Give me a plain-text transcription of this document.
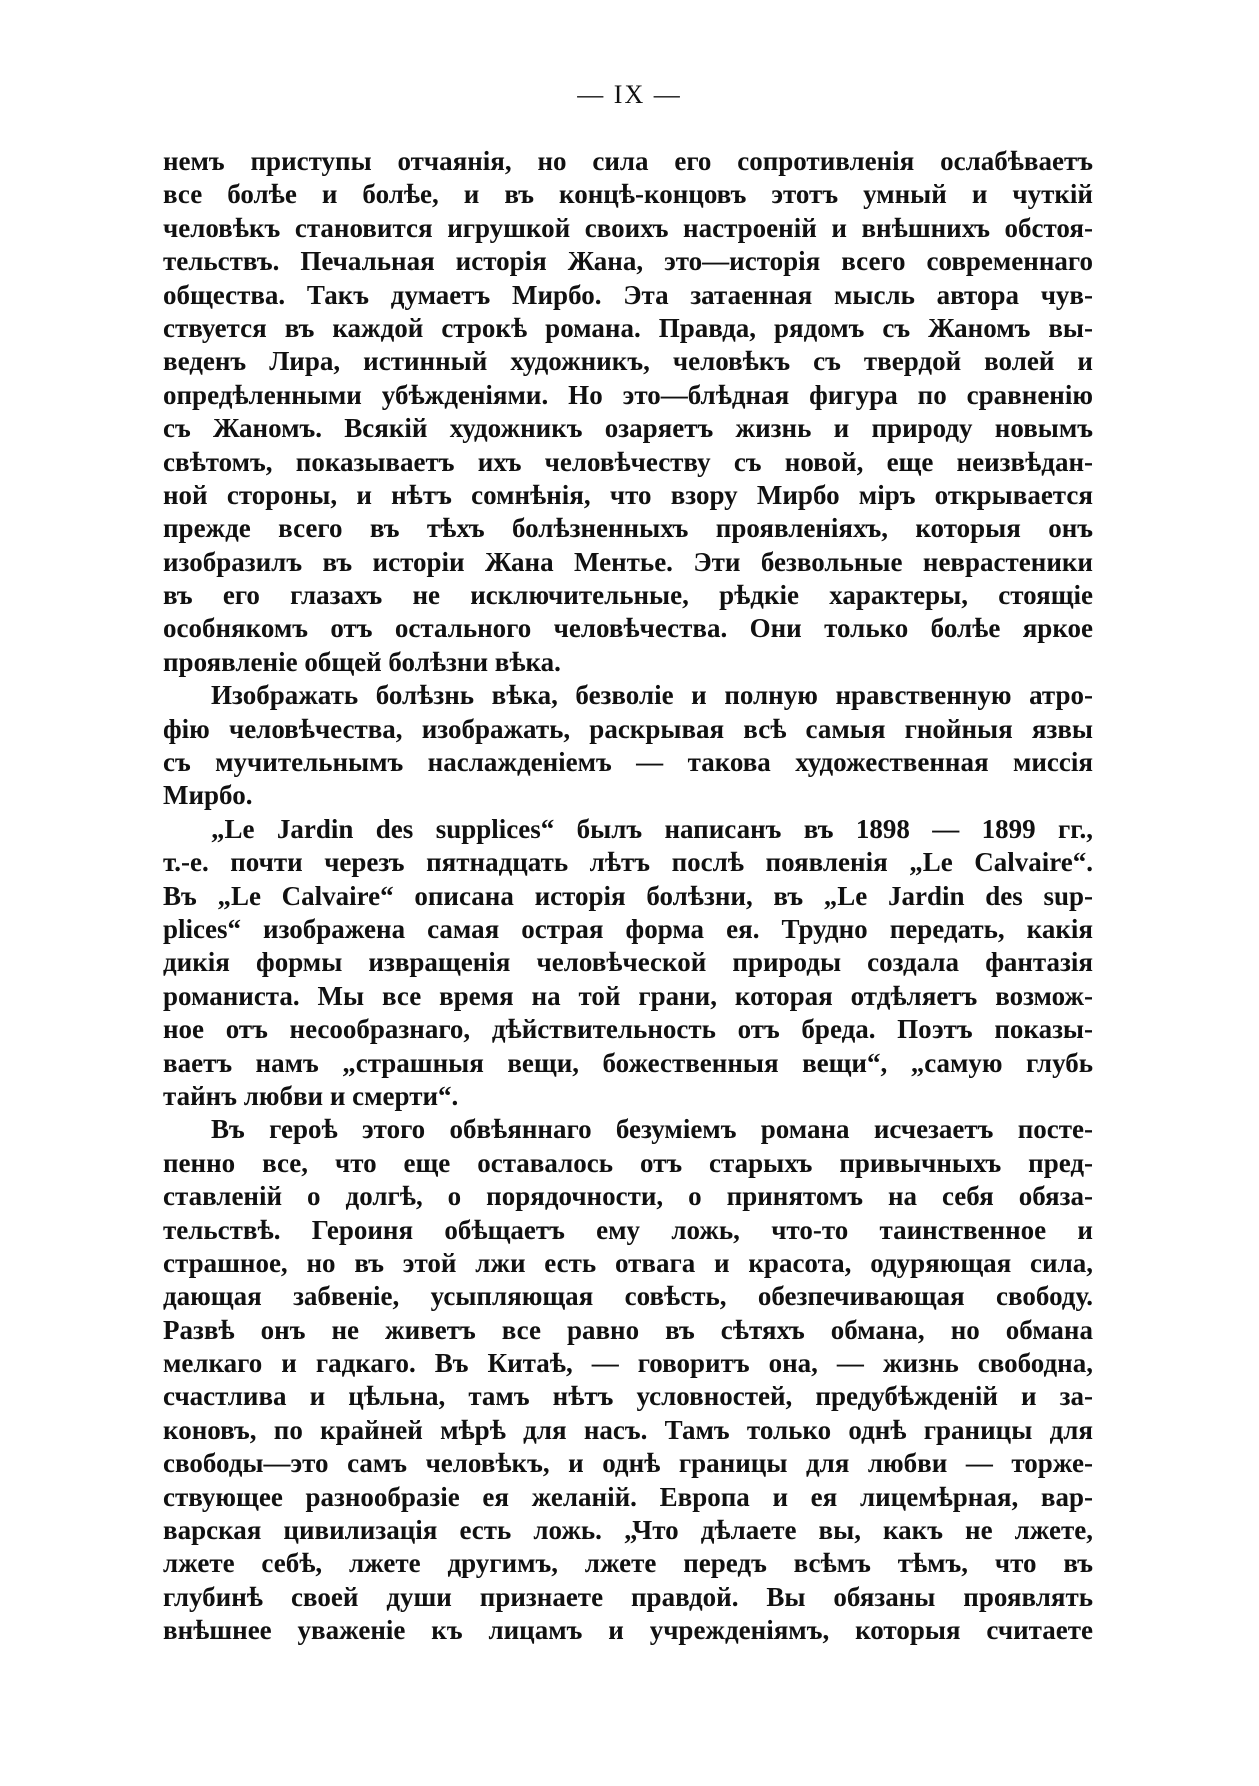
— IX —
немъ приступы отчаянія, но сила его сопротивленія ослабѣваетъ
все болѣе и болѣе, и въ концѣ-концовъ этотъ умный и чуткій
человѣкъ становится игрушкой своихъ настроеній и внѣшнихъ обстоя-
тельствъ. Печальная исторія Жана, это—исторія всего современнаго
общества. Такъ думаетъ Мирбо. Эта затаенная мысль автора чув-
ствуется въ каждой строкѣ романа. Правда, рядомъ съ Жаномъ вы-
веденъ Лира, истинный художникъ, человѣкъ съ твердой волей и
опредѣленными убѣжденіями. Но это—блѣдная фигура по сравненію
съ Жаномъ. Всякій художникъ озаряетъ жизнь и природу новымъ
свѣтомъ, показываетъ ихъ человѣчеству съ новой, еще неизвѣдан-
ной стороны, и нѣтъ сомнѣнія, что взору Мирбо міръ открывается
прежде всего въ тѣхъ болѣзненныхъ проявленіяхъ, которыя онъ
изобразилъ въ исторіи Жана Ментье. Эти безвольные неврастеники
въ его глазахъ не исключительные, рѣдкіе характеры, стоящіе
особнякомъ отъ остального человѣчества. Они только болѣе яркое
проявленіе общей болѣзни вѣка.
Изображать болѣзнь вѣка, безволіе и полную нравственную атро-
фію человѣчества, изображать, раскрывая всѣ самыя гнойныя язвы
съ мучительнымъ наслажденіемъ — такова художественная миссія
Мирбо.
„Le Jardin des supplices“ былъ написанъ въ 1898 — 1899 гг.,
т.-е. почти черезъ пятнадцать лѣтъ послѣ появленія „Le Calvaire“.
Въ „Le Calvaire“ описана исторія болѣзни, въ „Le Jardin des sup-
plices“ изображена самая острая форма ея. Трудно передать, какія
дикія формы извращенія человѣческой природы создала фантазія
романиста. Мы все время на той грани, которая отдѣляетъ возмож-
ное отъ несообразнаго, дѣйствительность отъ бреда. Поэтъ показы-
ваетъ намъ „страшныя вещи, божественныя вещи“, „самую глубь
тайнъ любви и смерти“.
Въ героѣ этого обвѣяннаго безуміемъ романа исчезаетъ посте-
пенно все, что еще оставалось отъ старыхъ привычныхъ пред-
ставленій о долгѣ, о порядочности, о принятомъ на себя обяза-
тельствѣ. Героиня обѣщаетъ ему ложь, что-то таинственное и
страшное, но въ этой лжи есть отвага и красота, одуряющая сила,
дающая забвеніе, усыпляющая совѣсть, обезпечивающая свободу.
Развѣ онъ не живетъ все равно въ сѣтяхъ обмана, но обмана
мелкаго и гадкаго. Въ Китаѣ, — говоритъ она, — жизнь свободна,
счастлива и цѣльна, тамъ нѣтъ условностей, предубѣжденій и за-
коновъ, по крайней мѣрѣ для насъ. Тамъ только однѣ границы для
свободы—это самъ человѣкъ, и однѣ границы для любви — торже-
ствующее разнообразіе ея желаній. Европа и ея лицемѣрная, вар-
варская цивилизація есть ложь. „Что дѣлаете вы, какъ не лжете,
лжете себѣ, лжете другимъ, лжете передъ всѣмъ тѣмъ, что въ
глубинѣ своей души признаете правдой. Вы обязаны проявлять
внѣшнее уваженіе къ лицамъ и учрежденіямъ, которыя считаете
